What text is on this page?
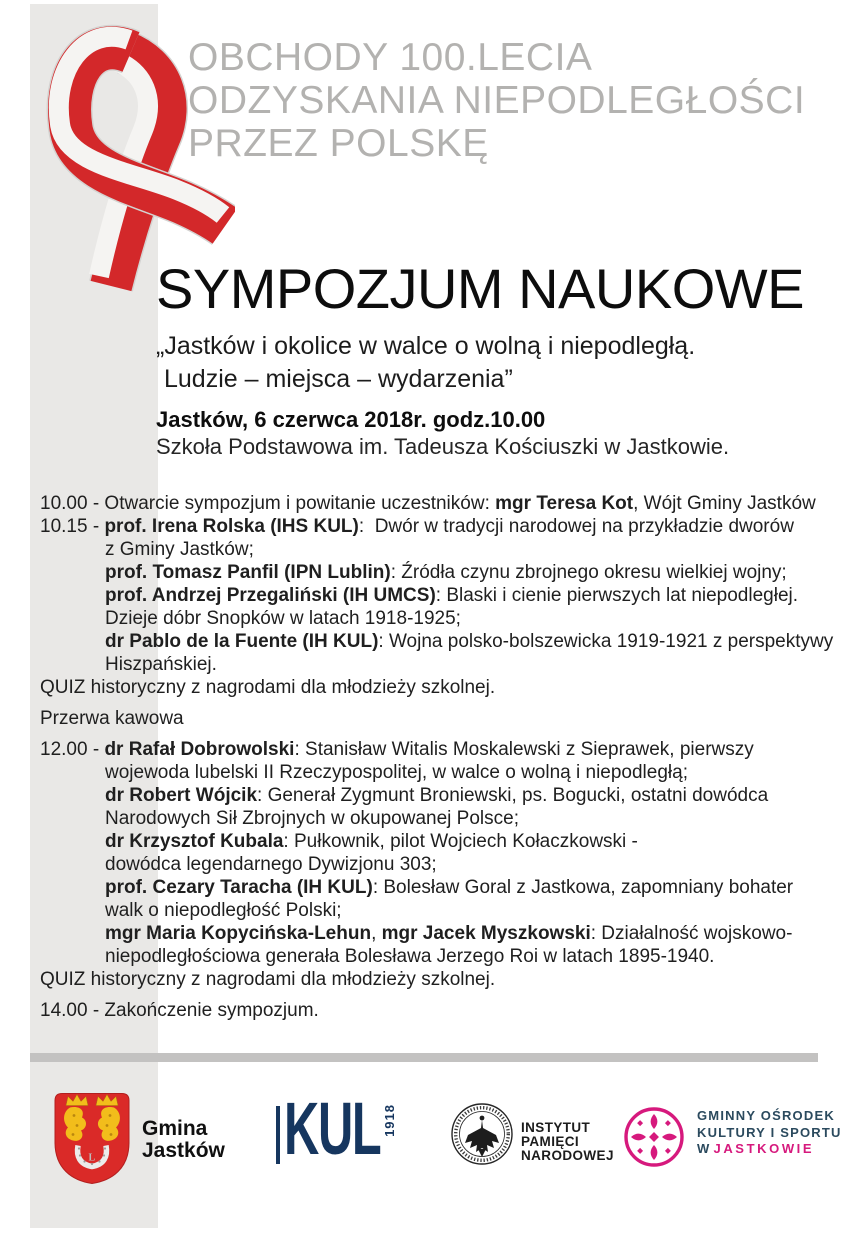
OBCHODY 100.LECIA
ODZYSKANIA NIEPODLEGŁOŚCI
PRZEZ POLSKĘ
SYMPOZJUM NAUKOWE
„Jastków i okolice w walce o wolną i niepodległą.
Ludzie – miejsca – wydarzenia”
Jastków, 6 czerwca 2018r. godz.10.00
Szkoła Podstawowa im. Tadeusza Kościuszki w Jastkowie.
10.00 - Otwarcie sympozjum i powitanie uczestników: mgr Teresa Kot, Wójt Gminy Jastków
10.15 - prof. Irena Rolska (IHS KUL):  Dwór w tradycji narodowej na przykładzie dworów
z Gminy Jastków;
prof. Tomasz Panfil (IPN Lublin): Źródła czynu zbrojnego okresu wielkiej wojny;
prof. Andrzej Przegaliński (IH UMCS): Blaski i cienie pierwszych lat niepodległej.
Dzieje dóbr Snopków w latach 1918-1925;
dr Pablo de la Fuente (IH KUL): Wojna polsko-bolszewicka 1919-1921 z perspektywy
Hiszpańskiej.
QUIZ historyczny z nagrodami dla młodzieży szkolnej.
Przerwa kawowa
12.00 - dr Rafał Dobrowolski: Stanisław Witalis Moskalewski z Sieprawek, pierwszy
wojewoda lubelski II Rzeczypospolitej, w walce o wolną i niepodległą;
dr Robert Wójcik: Generał Zygmunt Broniewski, ps. Bogucki, ostatni dowódca
Narodowych Sił Zbrojnych w okupowanej Polsce;
dr Krzysztof Kubala: Pułkownik, pilot Wojciech Kołaczkowski -
dowódca legendarnego Dywizjonu 303;
prof. Cezary Taracha (IH KUL): Bolesław Goral z Jastkowa, zapomniany bohater
walk o niepodległość Polski;
mgr Maria Kopycińska-Lehun, mgr Jacek Myszkowski: Działalność wojskowo-
niepodległościowa generała Bolesława Jerzego Roi w latach 1895-1940.
QUIZ historyczny z nagrodami dla młodzieży szkolnej.
14.00 - Zakończenie sympozjum.
L
Gmina
Jastków KUL 1918	INSTYTUT
PAMIĘCI
NARODOWEJ
GMINNY OŚRODEK
KULTURY I SPORTU
W JASTKOWIE
